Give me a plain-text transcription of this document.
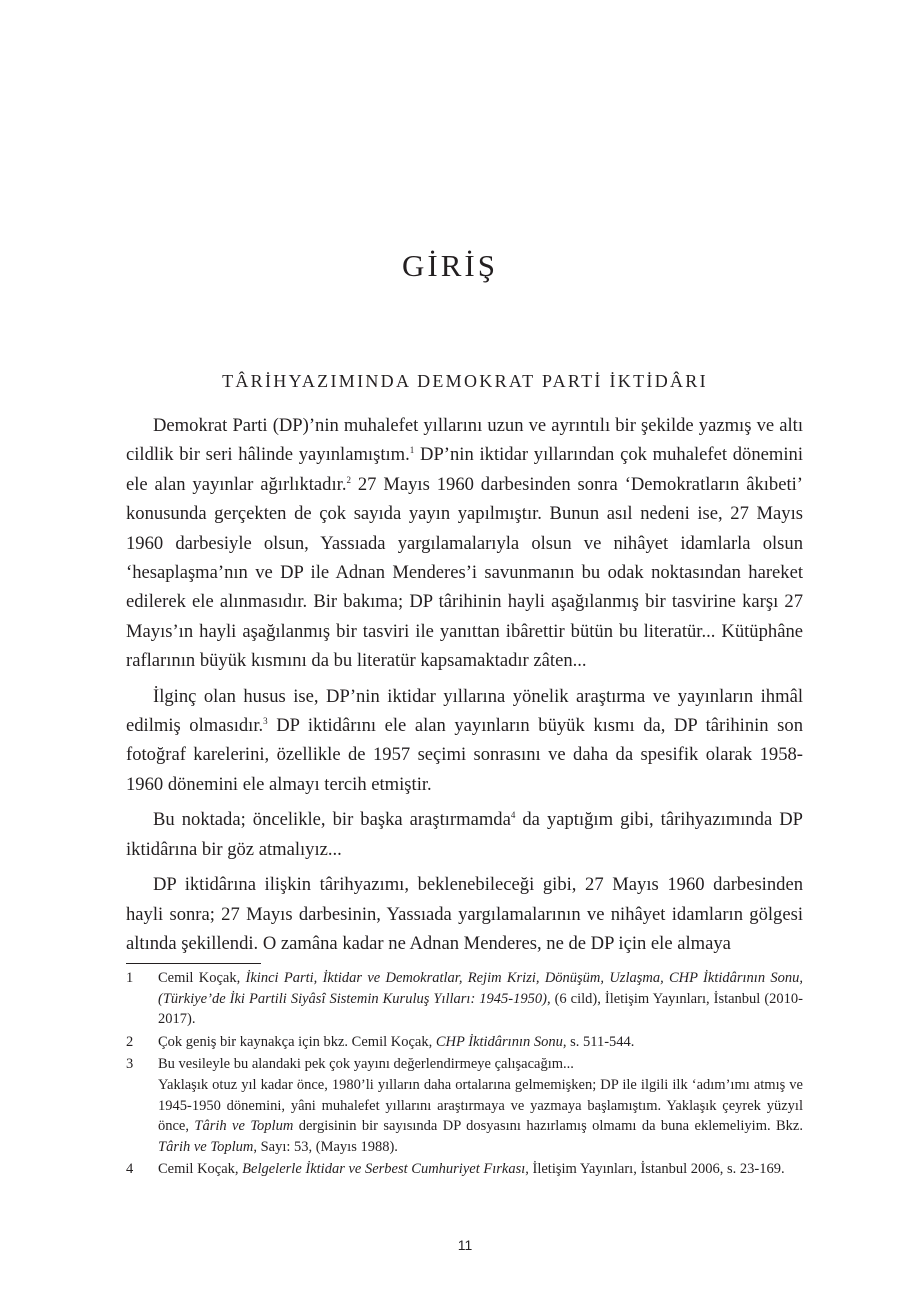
GİRİŞ
TÂRİHYAZIMINDA DEMOKRAT PARTİ İKTİDÂRI

Demokrat Parti (DP)’nin muhalefet yıllarını uzun ve ayrıntılı bir şekilde yazmış ve altı cildlik bir seri hâlinde yayınlamıştım.$^1$ DP’nin iktidar yıllarından çok muhalefet dönemini ele alan yayınlar ağırlıktadır.$^2$ 27 Mayıs 1960 darbesinden sonra ‘Demokratların âkıbeti’ konusunda gerçekten de çok sayıda yayın yapılmıştır. Bunun asıl nedeni ise, 27 Mayıs 1960 darbesiyle olsun, Yassıada yargılamalarıyla olsun ve nihâyet idamlarla olsun ‘hesaplaşma’nın ve DP ile Adnan Menderes’i savunmanın bu odak noktasından hareket edilerek ele alınmasıdır. Bir bakıma; DP târihinin hayli aşağılanmış bir tasvirine karşı 27 Mayıs’ın hayli aşağılanmış bir tasviri ile yanıttan ibârettir bütün bu literatür... Kütüphâne raflarının büyük kısmını da bu literatür kapsamaktadır zâten...

İlginç olan husus ise, DP’nin iktidar yıllarına yönelik araştırma ve yayınların ihmâl edilmiş olmasıdır.$^3$ DP iktidârını ele alan yayınların büyük kısmı da, DP târihinin son fotoğraf karelerini, özellikle de 1957 seçimi sonrasını ve daha da spesifik olarak 1958-1960 dönemini ele almayı tercih etmiştir.

Bu noktada; öncelikle, bir başka araştırmamda$^4$ da yaptığım gibi, târihyazımında DP iktidârına bir göz atmalıyız...

DP iktidârına ilişkin târihyazımı, beklenebileceği gibi, 27 Mayıs 1960 darbesinden hayli sonra; 27 Mayıs darbesinin, Yassıada yargılamalarının ve nihâyet idamların gölgesi altında şekillendi. O zamâna kadar ne Adnan Menderes, ne de DP için ele almaya

1	Cemil Koçak, İkinci Parti, İktidar ve Demokratlar, Rejim Krizi, Dönüşüm, Uzlaşma, CHP İktidârının Sonu, (Türkiye’de İki Partili Siyâsî Sistemin Kuruluş Yılları: 1945-1950), (6 cild), İletişim Yayınları, İstanbul (2010-2017).
2	Çok geniş bir kaynakça için bkz. Cemil Koçak, CHP İktidârının Sonu, s. 511-544.
3	Bu vesileyle bu alandaki pek çok yayını değerlendirmeye çalışacağım...
Yaklaşık otuz yıl kadar önce, 1980’li yılların daha ortalarına gelmemişken; DP ile ilgili ilk ‘adım’ımı atmış ve 1945-1950 dönemini, yâni muhalefet yıllarını araştırmaya ve yazmaya başlamıştım. Yaklaşık çeyrek yüzyıl önce, Târih ve Toplum dergisinin bir sayısında DP dosyasını hazırlamış olmamı da buna eklemeliyim. Bkz. Târih ve Toplum, Sayı: 53, (Mayıs 1988).
4	Cemil Koçak, Belgelerle İktidar ve Serbest Cumhuriyet Fırkası, İletişim Yayınları, İstanbul 2006, s. 23-169.
11
